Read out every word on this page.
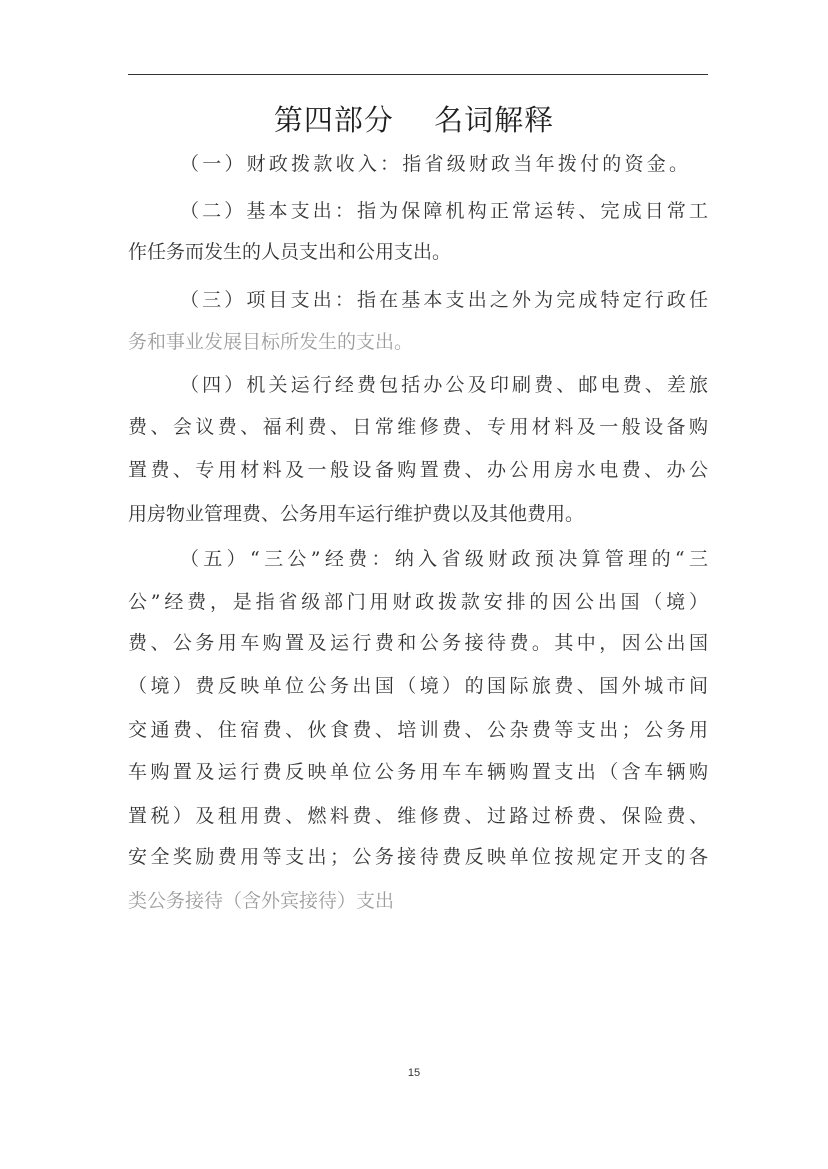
第四部分　 名词解释
（一）财政拨款收入：指省级财政当年拨付的资金。
（二）基本支出：指为保障机构正常运转、完成日常工
作任务而发生的人员支出和公用支出。
（三）项目支出：指在基本支出之外为完成特定行政任
务和事业发展目标所发生的支出。
（四）机关运行经费包括办公及印刷费、邮电费、差旅
费、会议费、福利费、日常维修费、专用材料及一般设备购
置费、专用材料及一般设备购置费、办公用房水电费、办公
用房物业管理费、公务用车运行维护费以及其他费用。
（五）“三公”经费：纳入省级财政预决算管理的“三
公”经费，是指省级部门用财政拨款安排的因公出国（境）
费、公务用车购置及运行费和公务接待费。其中，因公出国
（境）费反映单位公务出国（境）的国际旅费、国外城市间
交通费、住宿费、伙食费、培训费、公杂费等支出；公务用
车购置及运行费反映单位公务用车车辆购置支出（含车辆购
置税）及租用费、燃料费、维修费、过路过桥费、保险费、
安全奖励费用等支出；公务接待费反映单位按规定开支的各
类公务接待（含外宾接待）支出
15
